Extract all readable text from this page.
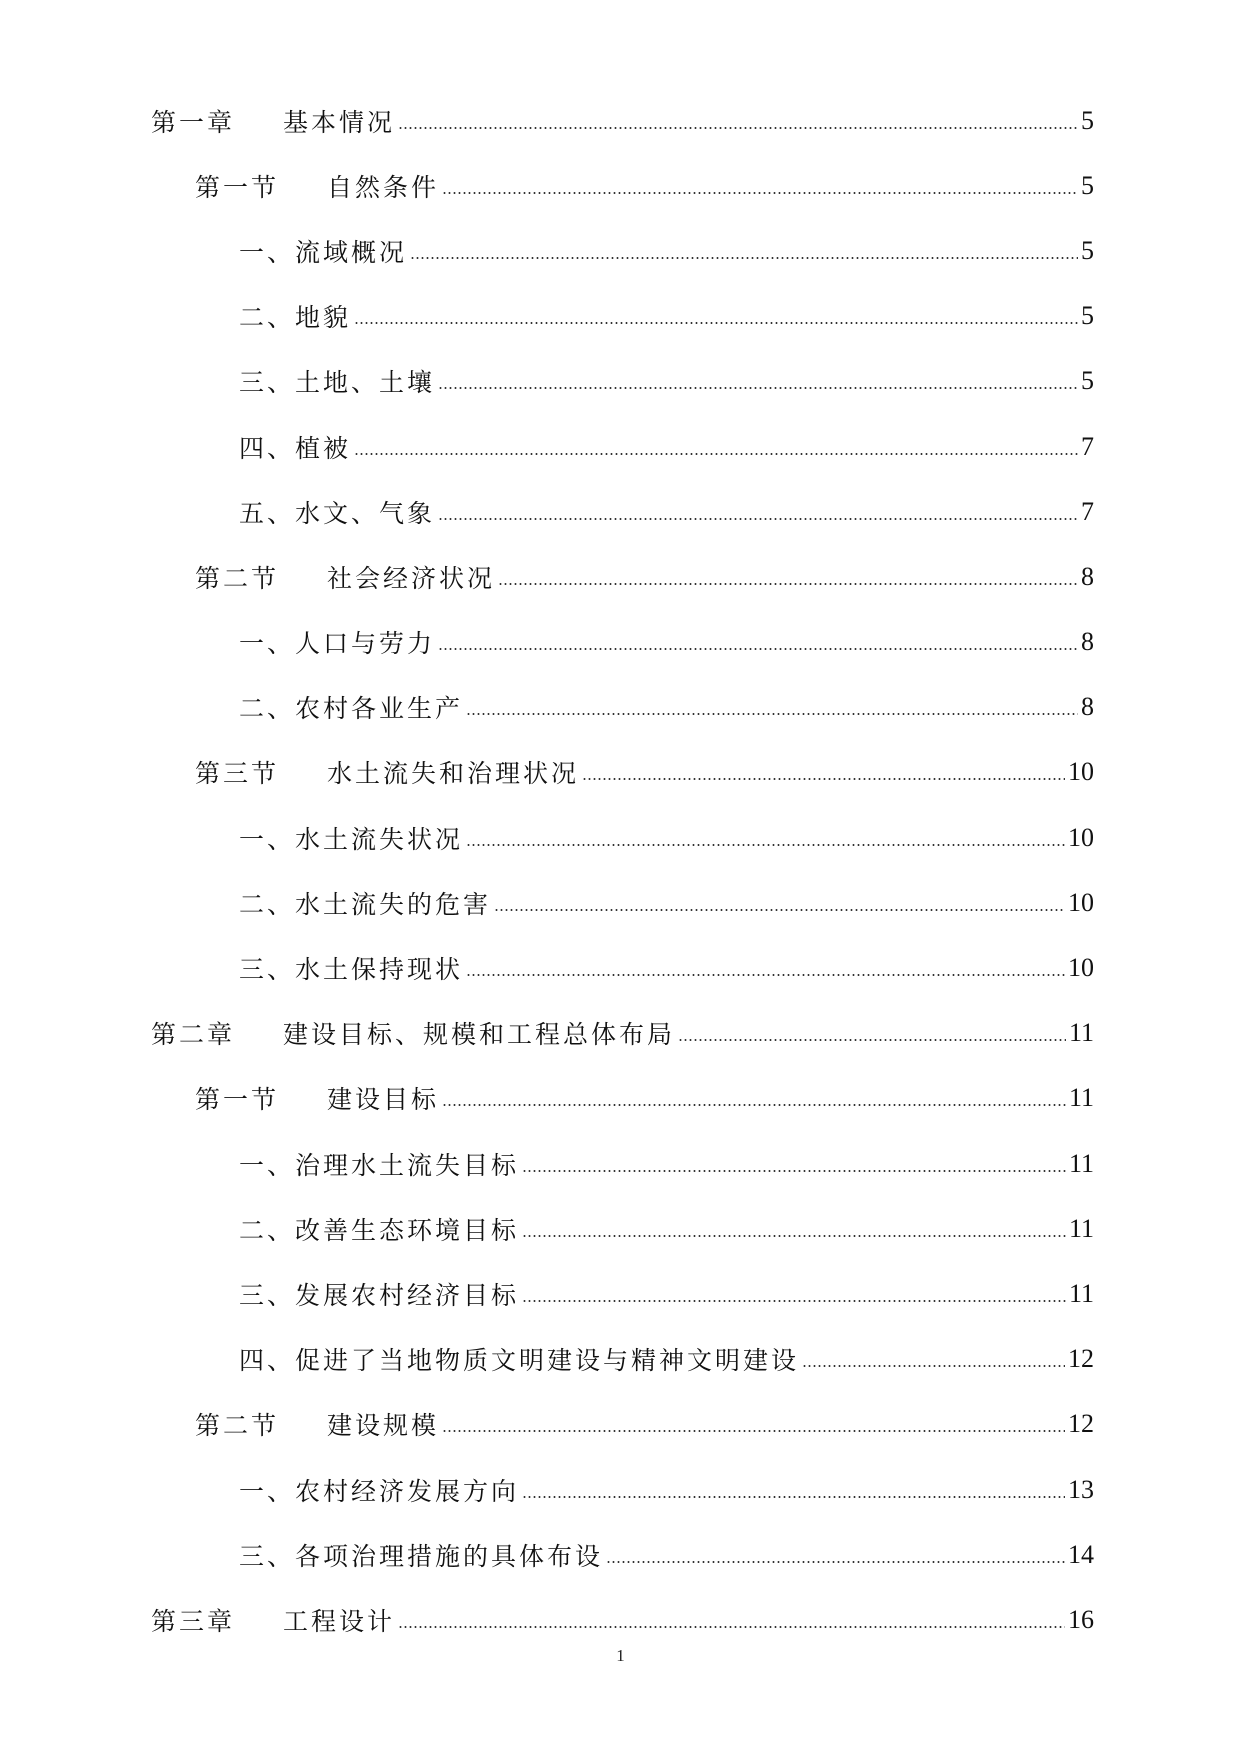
第一章 基本情况	5
第一节 自然条件	5
一、 流域概况	5
二、 地貌	5
三、 土地、土壤	5
四、 植被	7
五、 水文、气象	7
第二节 社会经济状况	8
一、 人口与劳力	8
二、 农村各业生产	8
第三节 水土流失和治理状况	10
一、 水土流失状况	10
二、 水土流失的危害	10
三、 水土保持现状	10
第二章 建设目标、规模和工程总体布局	11
第一节 建设目标	11
一、 治理水土流失目标	11
二、 改善生态环境目标	11
三、 发展农村经济目标	11
四、 促进了当地物质文明建设与精神文明建设	12
第二节 建设规模	12
一、 农村经济发展方向	13
三、 各项治理措施的具体布设	14
第三章 工程设计	16
1
